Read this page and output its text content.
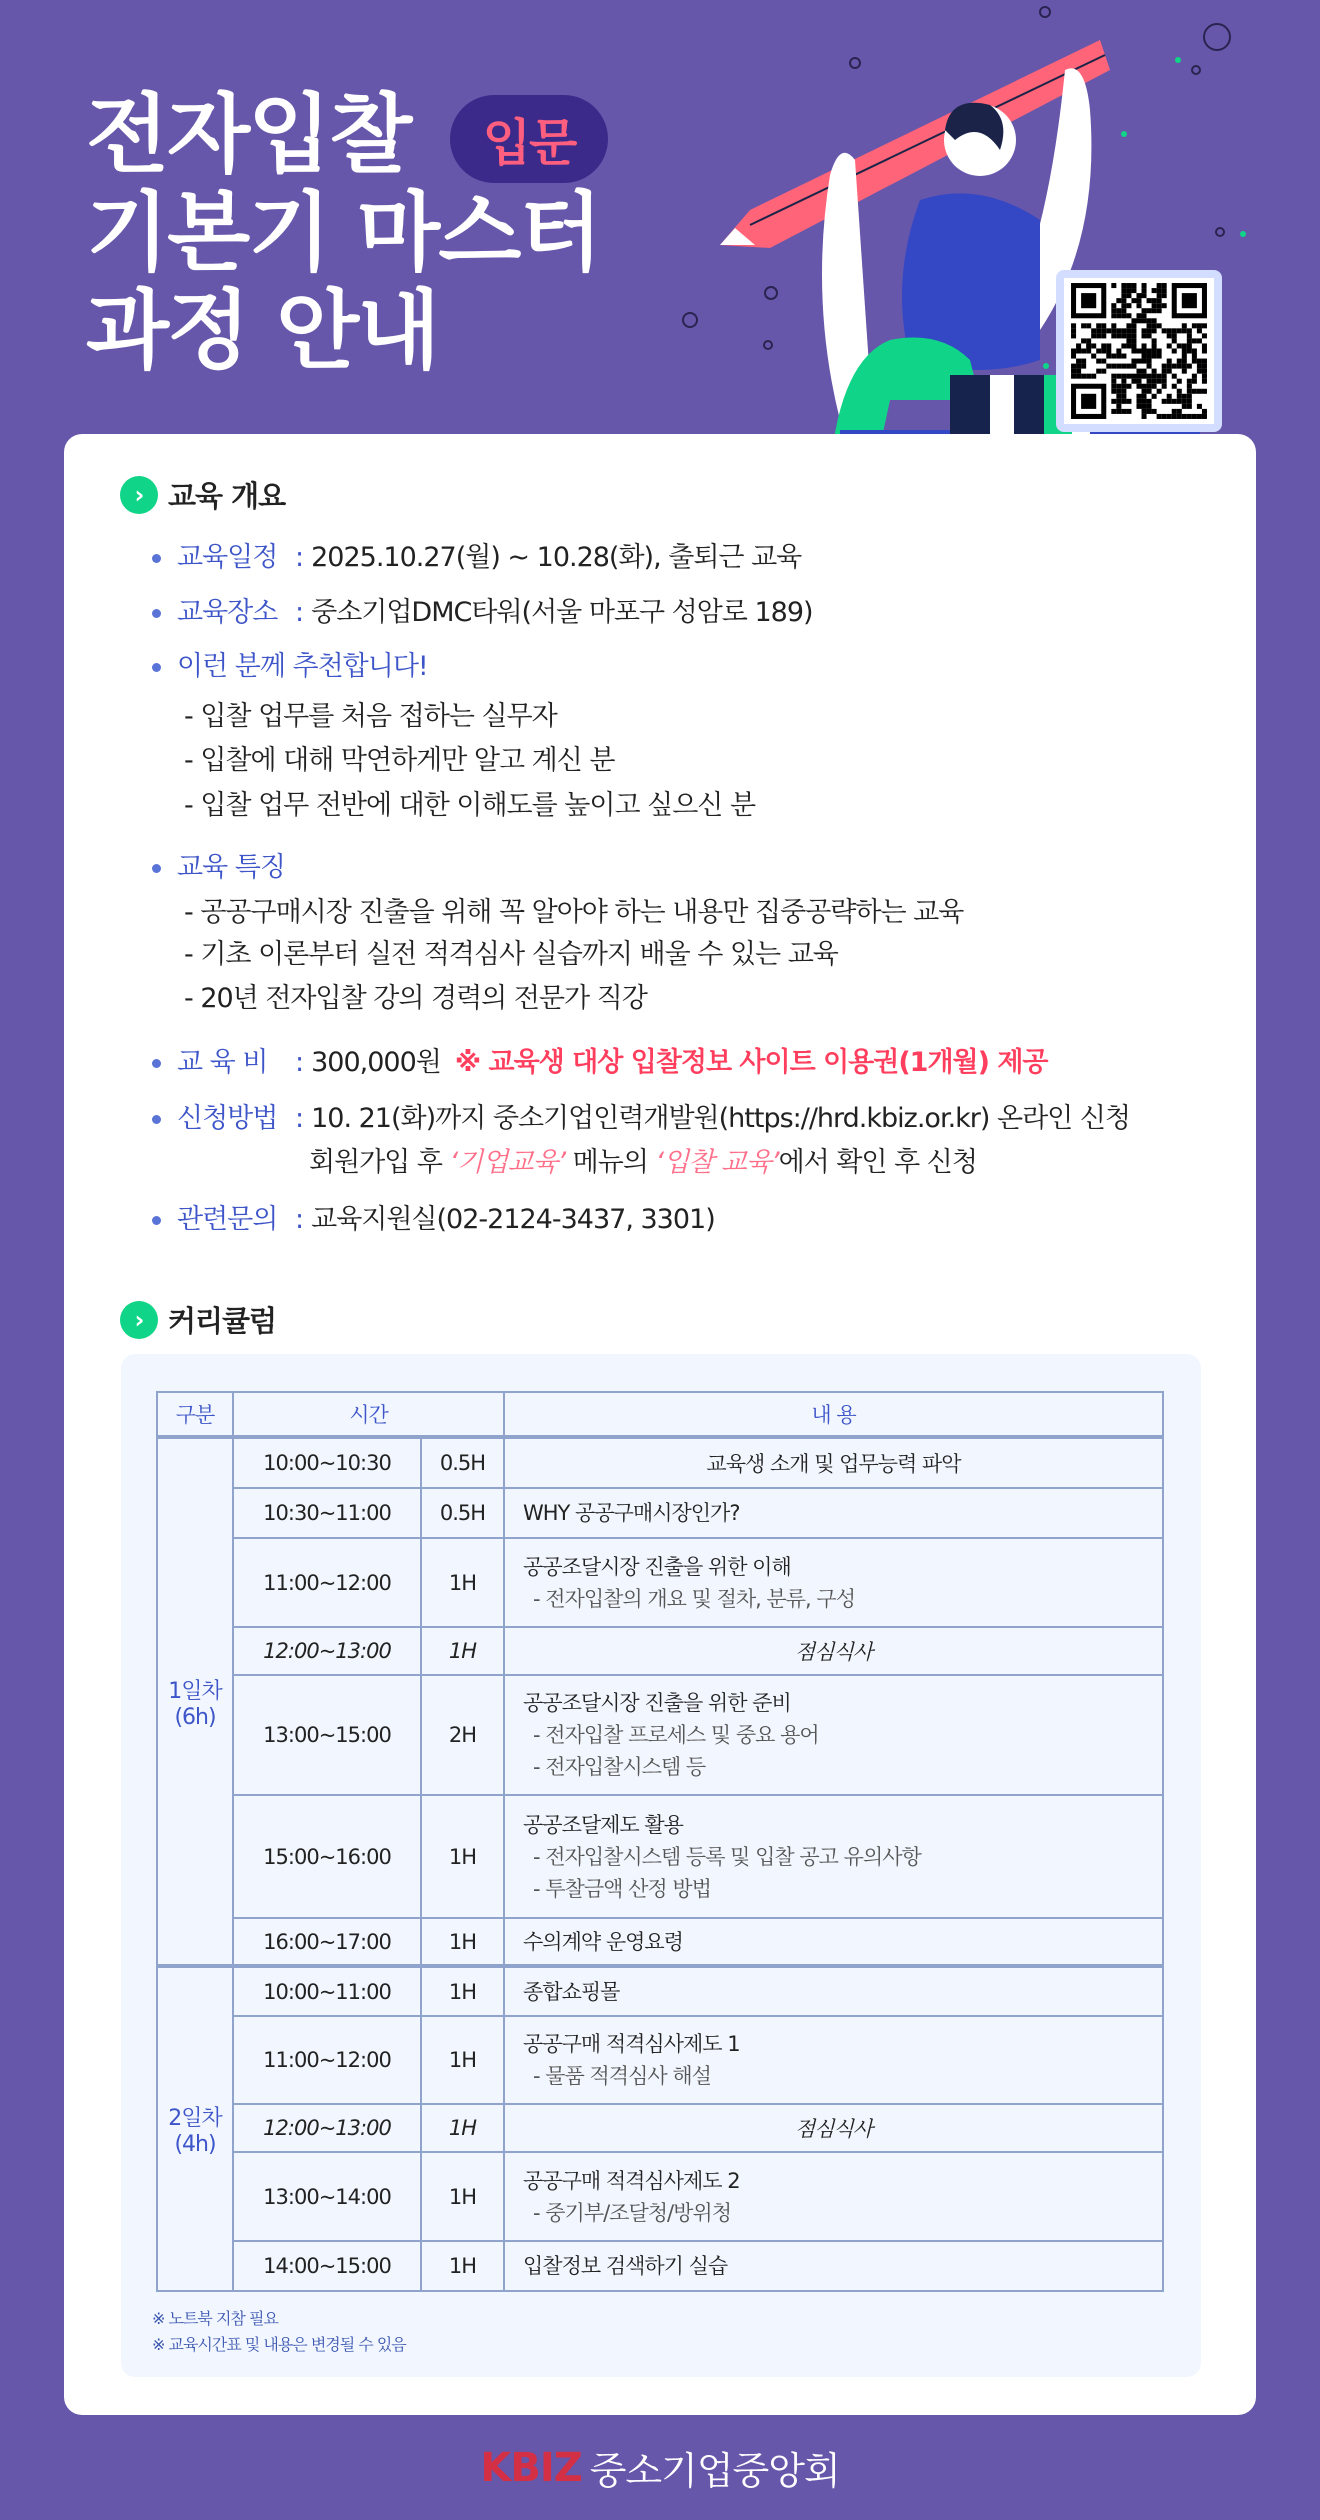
전자입찰
기본기 마스터
과정 안내
입문
› 교육 개요
교육일정 : 2025.10.27(월) ~ 10.28(화), 출퇴근 교육
교육장소 : 중소기업DMC타워(서울 마포구 성암로 189)
이런 분께 추천합니다!
- 입찰 업무를 처음 접하는 실무자
- 입찰에 대해 막연하게만 알고 계신 분
- 입찰 업무 전반에 대한 이해도를 높이고 싶으신 분
교육 특징
- 공공구매시장 진출을 위해 꼭 알아야 하는 내용만 집중공략하는 교육
- 기초 이론부터 실전 적격심사 실습까지 배울 수 있는 교육
- 20년 전자입찰 강의 경력의 전문가 직강
교 육 비 : 300,000원 ※ 교육생 대상 입찰정보 사이트 이용권(1개월) 제공
신청방법 : 10. 21(화)까지 중소기업인력개발원(https://hrd.kbiz.or.kr) 온라인 신청
회원가입 후 ‘기업교육’ 메뉴의 ‘입찰 교육’에서 확인 후 신청
관련문의 : 교육지원실(02-2124-3437, 3301)
› 커리큘럼
구분	시간		내 용

1일차
(6h)	10:00~10:30	0.5H	교육생 소개 및 업무능력 파악

	10:30~11:00	0.5H	WHY 공공구매시장인가?

	11:00~12:00	1H	공공조달시장 진출을 위한 이해
- 전자입찰의 개요 및 절차, 분류, 구성

	12:00~13:00	1H	점심식사

	13:00~15:00	2H	공공조달시장 진출을 위한 준비
- 전자입찰 프로세스 및 중요 용어
- 전자입찰시스템 등

	15:00~16:00	1H	공공조달제도 활용
- 전자입찰시스템 등록 및 입찰 공고 유의사항
- 투찰금액 산정 방법

	16:00~17:00	1H	수의계약 운영요령

2일차
(4h)	10:00~11:00	1H	종합쇼핑몰

	11:00~12:00	1H	공공구매 적격심사제도 1
- 물품 적격심사 해설

	12:00~13:00	1H	점심식사

	13:00~14:00	1H	공공구매 적격심사제도 2
- 중기부/조달청/방위청

	14:00~15:00	1H	입찰정보 검색하기 실습
※ 노트북 지참 필요
※ 교육시간표 및 내용은 변경될 수 있음
KBIZ 중소기업중앙회
